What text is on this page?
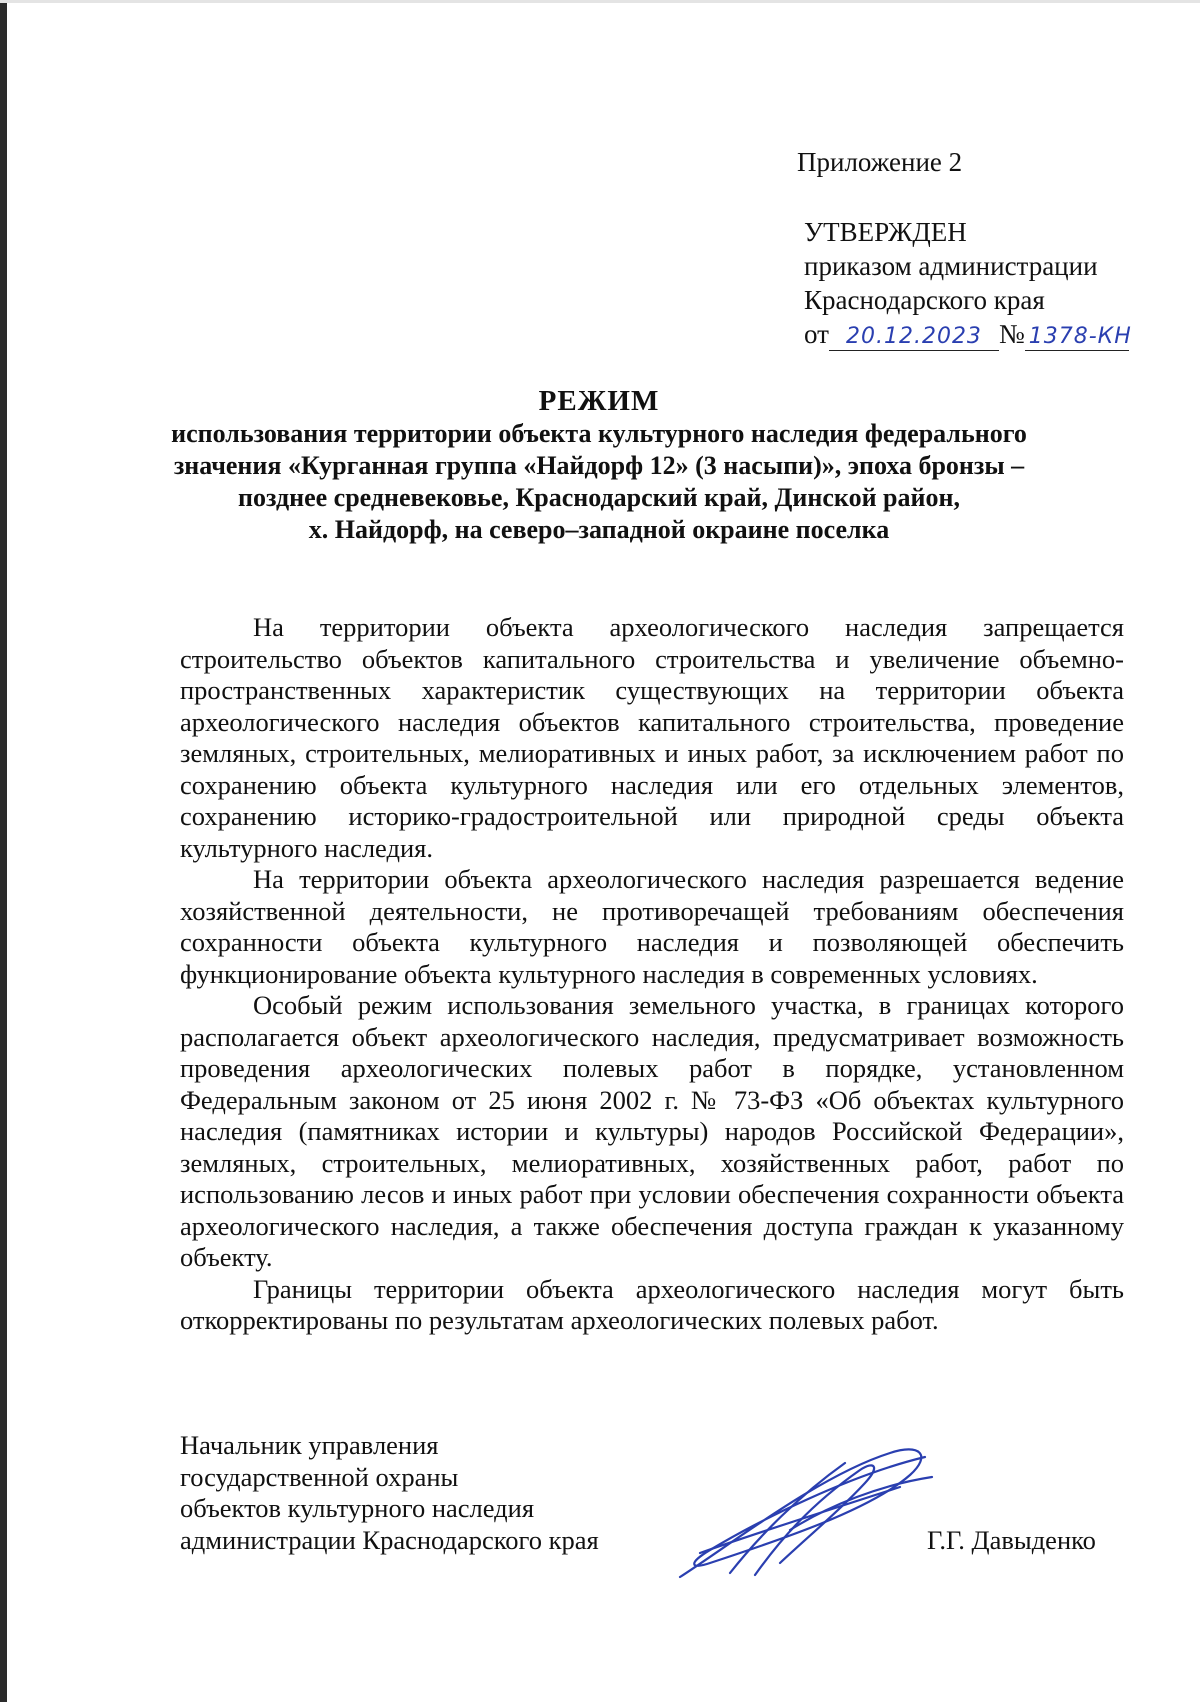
Приложение 2
УТВЕРЖДЕН
приказом администрации
Краснодарского края
от 20.12.2023 № 1378-КН
РЕЖИМ
использования территории объекта культурного наследия федерального
значения «Курганная группа «Найдорф 12» (3 насыпи)», эпоха бронзы –
позднее средневековье, Краснодарский край, Динской район,
х. Найдорф, на северо–западной окраине поселка

На территории объекта археологического наследия запрещается строительство объектов капитального строительства и увеличение объемно-пространственных характеристик существующих на территории объекта археологического наследия объектов капитального строительства, проведение земляных, строительных, мелиоративных и иных работ, за исключением работ по сохранению объекта культурного наследия или его отдельных элементов, сохранению историко-градостроительной или природной среды объекта культурного наследия.

На территории объекта археологического наследия разрешается ведение хозяйственной деятельности, не противоречащей требованиям обеспечения сохранности объекта культурного наследия и позволяющей обеспечить функционирование объекта культурного наследия в современных условиях.

Особый режим использования земельного участка, в границах которого располагается объект археологического наследия, предусматривает возможность проведения археологических полевых работ в порядке, установленном Федеральным законом от 25 июня 2002 г. № 73-ФЗ «Об объектах культурного наследия (памятниках истории и культуры) народов Российской Федерации», земляных, строительных, мелиоративных, хозяйственных работ, работ по использованию лесов и иных работ при условии обеспечения сохранности объекта археологического наследия, а также обеспечения доступа граждан к указанному объекту.

Границы территории объекта археологического наследия могут быть откорректированы по результатам археологических полевых работ.

Начальник управления
государственной охраны
объектов культурного наследия
администрации Краснодарского края	Г.Г. Давыденко
